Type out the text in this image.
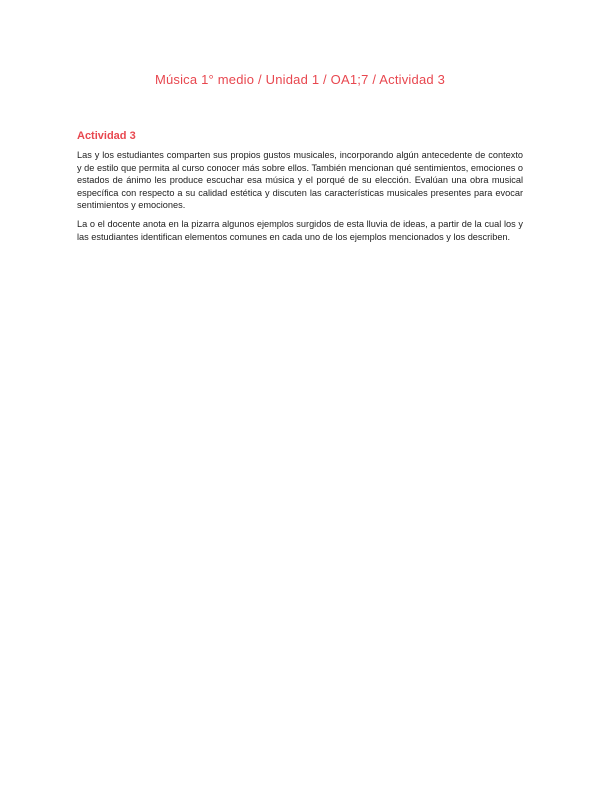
Música 1° medio / Unidad 1 / OA1;7 / Actividad 3
Actividad 3

Las y los estudiantes comparten sus propios gustos musicales, incorporando algún antecedente de contexto y de estilo que permita al curso conocer más sobre ellos. También mencionan qué sentimientos, emociones o estados de ánimo les produce escuchar esa música y el porqué de su elección. Evalúan una obra musical específica con respecto a su calidad estética y discuten las características musicales presentes para evocar sentimientos y emociones.

La o el docente anota en la pizarra algunos ejemplos surgidos de esta lluvia de ideas, a partir de la cual los y las estudiantes identifican elementos comunes en cada uno de los ejemplos mencionados y los describen.
